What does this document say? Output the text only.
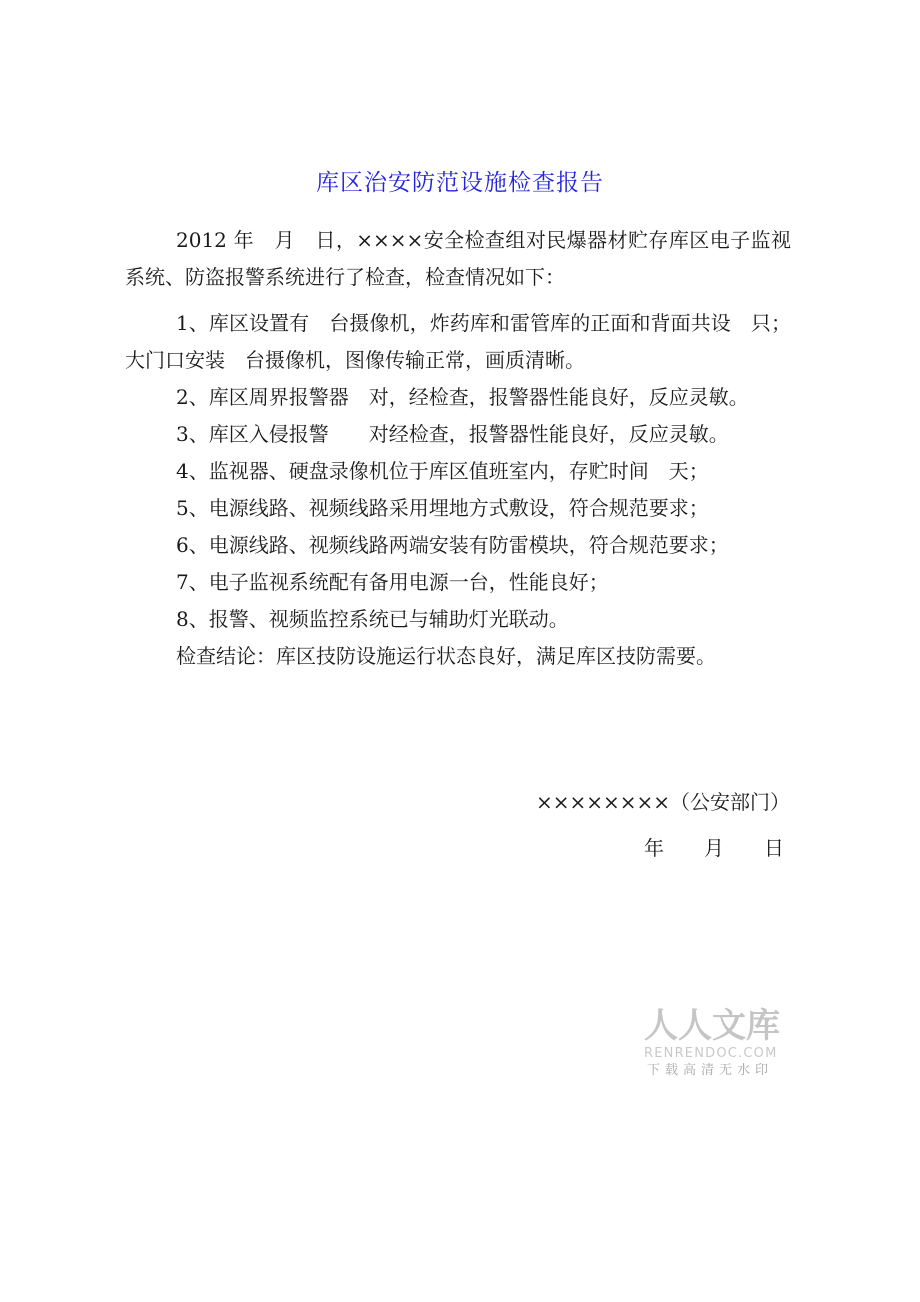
库区治安防范设施检查报告

2012 年　月　日，××××安全检查组对民爆器材贮存库区电子监视系统、防盗报警系统进行了检查，检查情况如下：

1、库区设置有　台摄像机，炸药库和雷管库的正面和背面共设　只；大门口安装　台摄像机，图像传输正常，画质清晰。

2、库区周界报警器　对，经检查，报警器性能良好，反应灵敏。

3、库区入侵报警　　对经检查，报警器性能良好，反应灵敏。

4、监视器、硬盘录像机位于库区值班室内，存贮时间　天；

5、电源线路、视频线路采用埋地方式敷设，符合规范要求；

6、电源线路、视频线路两端安装有防雷模块，符合规范要求；

7、电子监视系统配有备用电源一台，性能良好；

8、报警、视频监控系统已与辅助灯光联动。

检查结论：库区技防设施运行状态良好，满足库区技防需要。

××××××××（公安部门）
年　　月　　日
人人文库
RENRENDOC.COM
下载高清无水印
